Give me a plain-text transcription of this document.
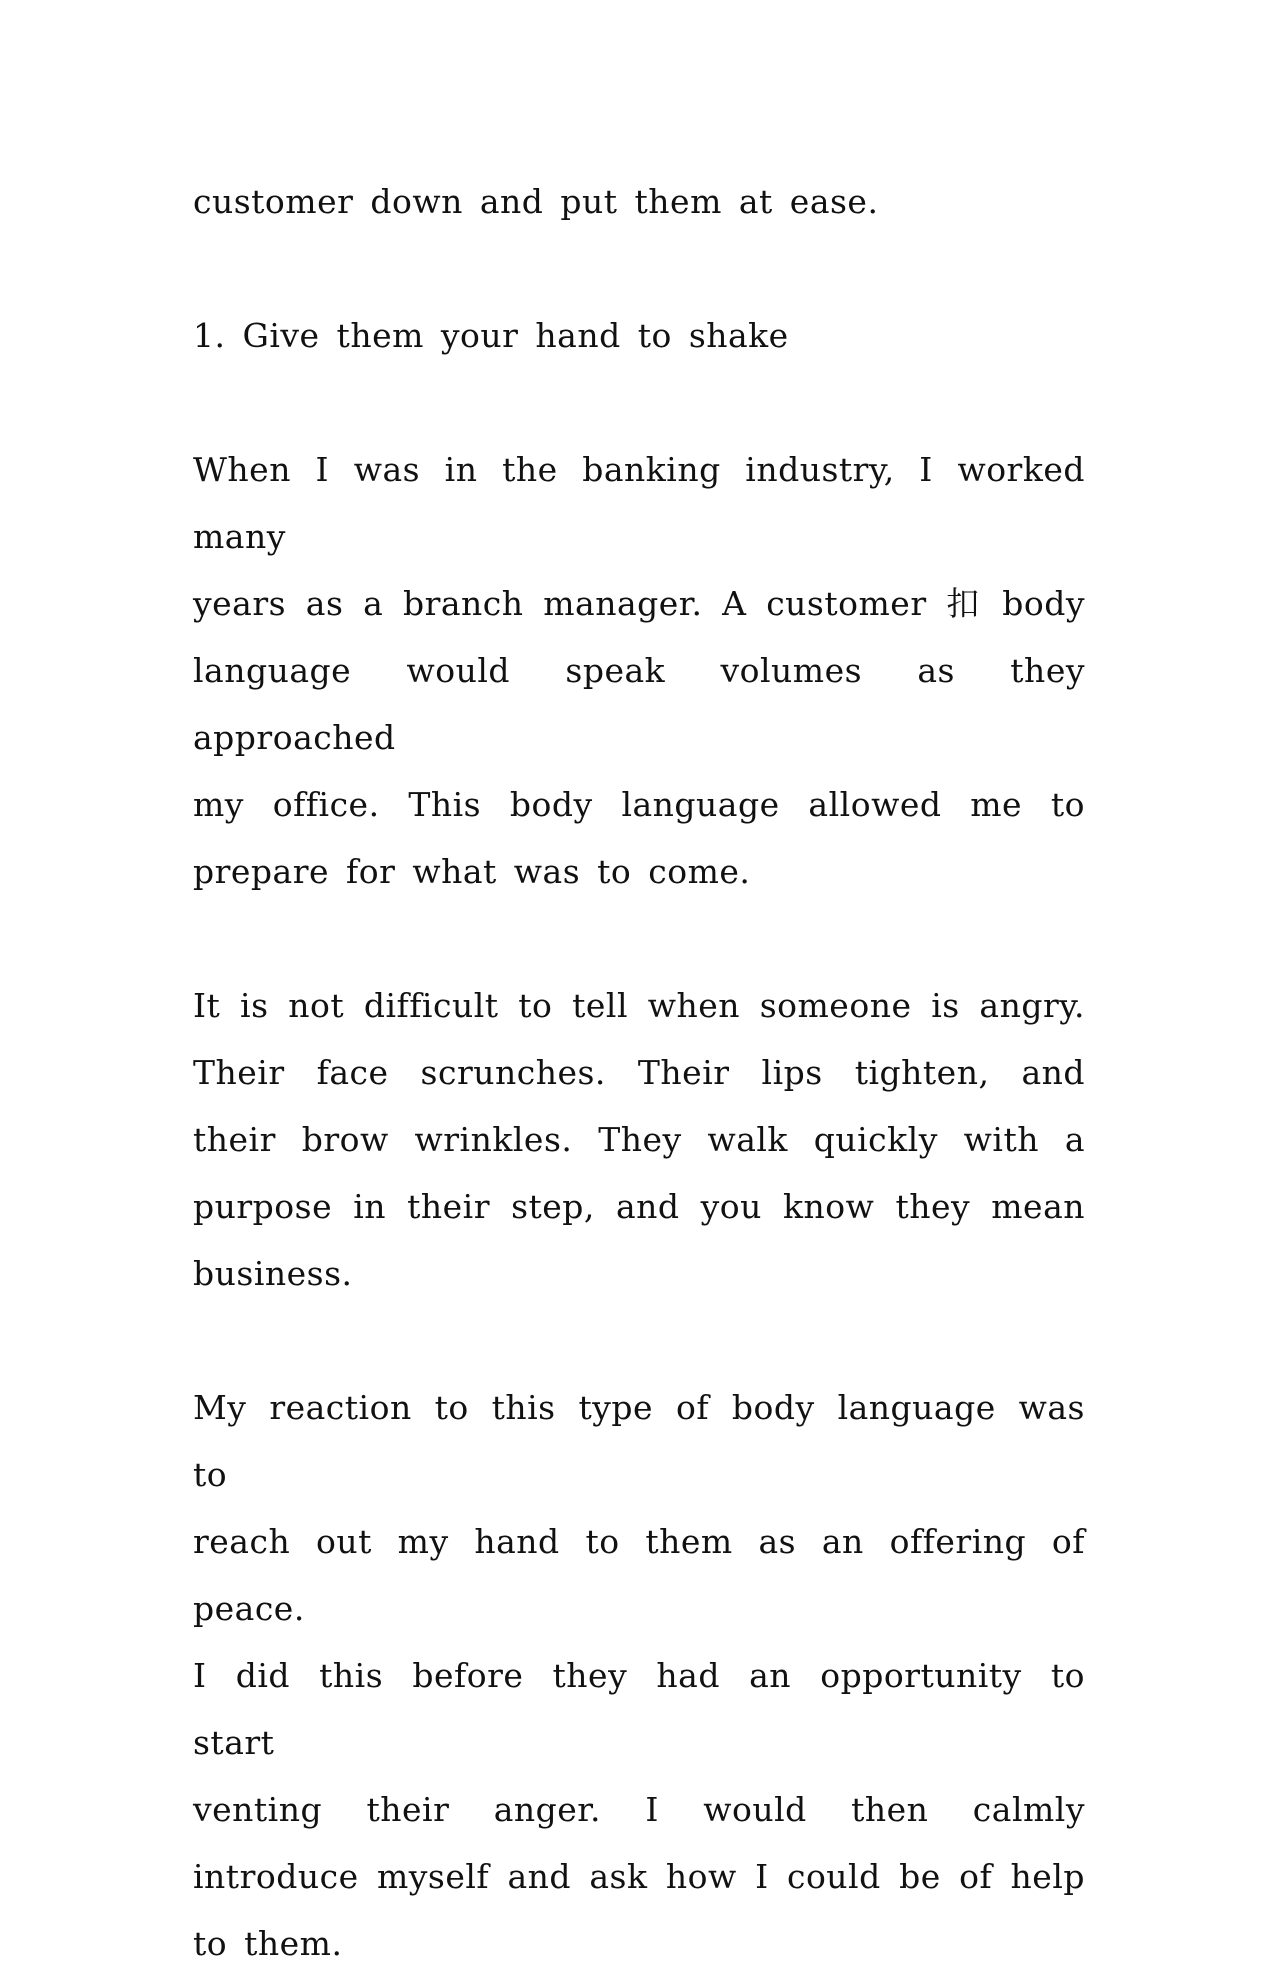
customer down and put them at ease.

1. Give them your hand to shake

When I was in the banking industry, I worked many
years as a branch manager. A customer 扣 body
language would speak volumes as they approached
my office. This body language allowed me to
prepare for what was to come.

It is not difficult to tell when someone is angry.
Their face scrunches. Their lips tighten, and
their brow wrinkles. They walk quickly with a
purpose in their step, and you know they mean
business.

My reaction to this type of body language was to
reach out my hand to them as an offering of peace.
I did this before they had an opportunity to start
venting their anger. I would then calmly
introduce myself and ask how I could be of help
to them.
